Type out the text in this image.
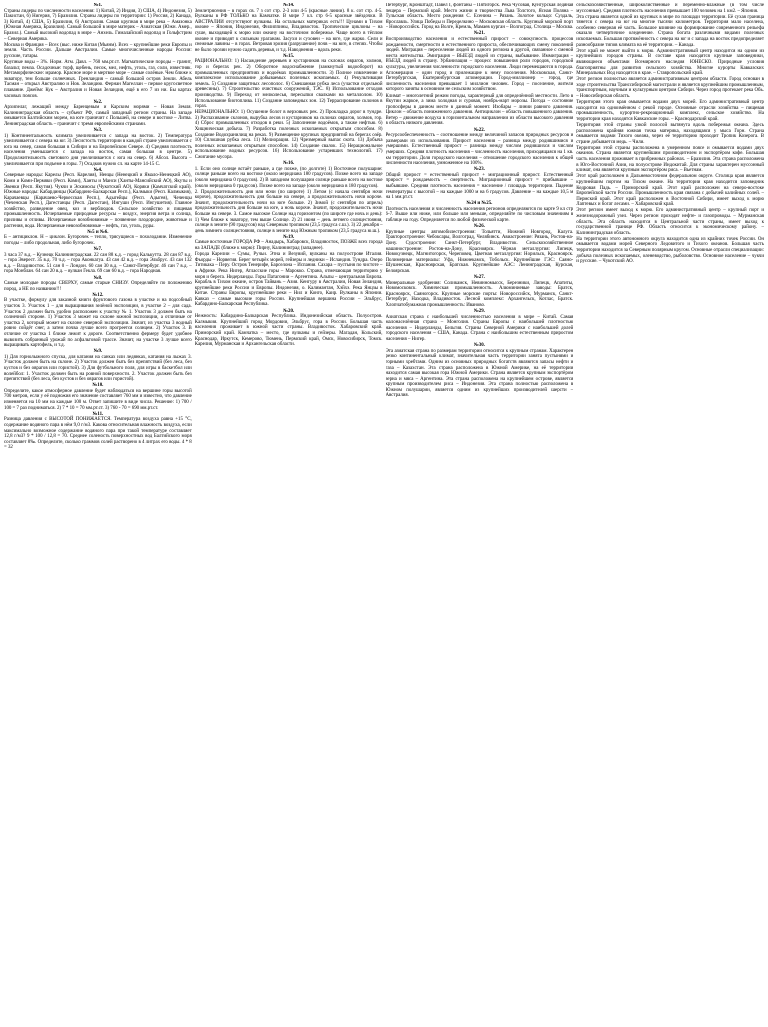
№1.
Страны лидеры по численности населения: 1) Китай, 2) Индия, 3) США, 4) Индонезия, 5) Пакистан, 6) Нигерия, 7) Бразилия. Страны лидеры по территории: 1) Россия, 2) Канада, 3) Китай, 4) США, 5) Бразилия, 6) Австралия. Самая крупная в мире река – Амазонка (Южная Америка, Бразилия). Самый большой в мире материк – Азиатская (Южн. Амер., Бразил.). Самый высокий водопад в мире – Анхель. Гималайский водопад и Гольфстрим – Северная Америка.
Москва и Франция – Всех (выс. ниже Китая (Мьянм). Всех – крупнейшие реки Европы и земли. Часть России. Дальше Австралии. Самые многочисленные народы России: русские, татары.
Крупные воды – 3%. Норм. Атм. Давл. – 760 мм.рт.ст. Магматические породы – гранит, базальт, пемза. Осадочные: торф, щебень, песок, мел, нефть, уголь, газ, соли, известняк. Метаморфические: мрамор. Красное море и мертвое море – самые солёные. Чем ближе к экватору, тем больше солнечных. Гренландия – самый большой остров Земли. Абель Тасман – открыл Австралию и Нов. Зеландию. Фернан Магеллан – первое кругосветное плавание. Джеймс Кук – Австралия и Новая Зеландия, ещё в его 7 из ни. Бы картах часовых поясов.
№2.
Архипелаг, лежащий между Баренцевым и Карским морями – Новая Земля. Калининградская область – субъект РФ, самый западный регион страны. На западе омывается Балтийским морем, на юге граничит с Польшей, на севере и востоке – Литва. Ленинградская область – граничит с тремя европейскими странами.
№3.
1) Континентальность климата увеличивается с запада на восток. 2) Температура увеличивается с севера на юг. 3) Лесистость территории в каждой стране увеличивается с юга на север, самая большая в Сибири и на Европейском Севере. 4) Средняя плотность населения уменьшается с запада на восток, самая большая в центре. 5) Продолжительность светового дня увеличивается с юга на север. 6) Абсол. Высота – увеличивается при подъеме в горы. 7) Осадков нужно сл. на карте 14-15 С.
№4.
Северные народы: Карелы (Респ. Карелия), Ненцы (Ненецкий и Ямало-Ненецкий АО), Коми и Коми-Пермяки (Респ. Коми), Ханты и Манси (Ханты-Мансийский АО), Якуты и Эвенки (Респ. Якутия). Чукчи и Эскимосы (Чукотский АО), Коряки (Камчатский край). Южные народы: Кабардинцы (Кабардино-Балкарская Респ.), Калмыки (Респ. Калмыкия), Карачаевцы (Карачаево-Черкесская Респ.), Адыгейцы (Респ. Адыгея), Чеченцы (Чеченская Респ.), Дагестанцы (Респ. Дагестан), Ингуши (Респ. Ингушетия). Главное хозяйство, разведение овец, коз и верблюдов. Сельское хозяйство и пищевая промышленность. Исчерпаемые природные ресурсы – воздух, энергия ветра и солнца, приливы и отливы. Исчерпаемые возобновимые – почвенное плодородие, животные и растения, вода. Исчерпаемые невозобновимые – нефть, газ, уголь, руды.
№5 и №6.
Б – антициклон. Н – циклон. Бугорочек – тепло, трясущиеся – похолодание. Изменение погоды – либо продольная, либо бугорочек.
№7.
3 часа 37 в.д. – Кузнецк Калининградская. 22 сан 88 к.д. – город Калькутта. 28 сан 87 в.д. – гора Эверест. 35 в.д. 70 ч.д. – гора Аконкагуа. 43 сан 42 в.д. – гора Эльбрус. 43 сан 132 в.д. – Владивосток. 51 сан 0 – Лондон. 60 сан 30 в.д. – Санкт-Петербург. 46 сан 7 в.д. – гора Монблан. 64 сан 20 в.д. – вулкан Гекла. 69 сан 60 в.д. – гора Народная.
№8.
Самые молодые породы СВЕРХУ, самые старые СНИЗУ. Определяйте по положению пород, а НЕ по названию!!!
№12.
В участке, формулу для заказной книги фруктового газона в участке и на подсобный участок 3. Участок 1 – для выращивания зелёной экспозиции, в участке 2 – для сада. Участок 2 должен быть удобно расположен к участку № 1. Участок 3 должен быть на солнечной стороне. 1) Участок 3 может на склоне южной экспозиции, а отличные от участка 2, который может на склоне северной экспозиции. Значит, из участка 3 водный ровно сойдёт снег, а затем почва лучше всего прогреется солнцем. 2) Участок 3. В отличие от участка 1 ближе лежит к дороге. Соответственно фермеру будет удобнее вывозить собранный урожай по асфальтовой трассе. Значит, на участке 3 лучше всего выращивать картофель, и т.д.
№9.
1) Для горнолыжного спуска, для катания на санках или ледянках, катания на лыжах 3. Участок должен быть на склоне. 2) Участок должен быть без препятствий (без леса, без кустов и без оврагов или гористой). 3) Для футбольного поля, для игры в баскетбол или волейбол: 1. Участок должен быть на ровной поверхности. 2. Участок должен быть без препятствий (без леса, без кустов и без оврагов или гористой).
№10.
Определите, какое атмосферное давление будет наблюдаться на вершине горы высотой 700 метров, если у её подножия его значение составляет 760 мм и известно, что давление изменяется на 10 мм на каждые 100 м. Ответ запишите в виде числа. Решение: 1) 700 / 100 = 7 раз подниматься. 2) 7 * 10 = 70 мм.рт.ст. 3) 760 - 70 = 690 мм.рт.ст.
№11.
Разница давления с ВЫСОТОЙ ПОНИЖАЕТСЯ. Температура воздуха равна +15 °С, содержание водяного пара в нём 9,0 г/м3. Какова относительная влажность воздуха, если максимально возможное содержание водяного пара при такой температуре составляет 12,8 г/м3? 9 * 100 / 12,8 = 70. Среднее соленость поверхностных вод Балтийского моря составляет 8‰. Определите, сколько граммов солей растворено в 4 литрах его воды. 4 * 8 = 32
№14.
Землетрясения – в горах св. 7 з сот стр. 2-3 или 4-5 (красные линии). 8 к. сот стр. 4-5. Вулканы в РФ ТОЛЬКО на Камчатке. В мире 7 кл. стр 6-5 красные звёздочки. В АВСТРАЛИИ отсутствуют вулканы. На остальных материках есть!!! Цунами в Тихом океане – Япония, Индонезия, Филиппины, Владивосток. Тропические циклоны – на суше, выходящей к морю или океану на восточном побережье. Чаще всего в тёплом океане и приводят к сильным ураганам. Засухи и суховеи – на юге, где жарко. Сели и снежные лавины – в горах. Ветровая эрозия (разрушение) почв – на юге, в степях. Чтобы не было эрозии нужно садить деревья, и т.д. Наводнения – вдоль реки.
№15.
РАЦИОНАЛЬНО: 1) Насаждение деревьев и кустарников на склонах оврагов, холмов, гор и берегах рек. 2) Оборотное водоснабжение (замкнутый водооборот) на промышленных предприятиях и водоёмах промышленности. 3) Полное извлечение и комплексное использование добываемых полезных ископаемых. 4) Рекультивация земель. 5) Создание защитных лесополос. 6) Смешанная рубка леса (участки отдельной древесины). 7) Строительство очистных сооружений, ТЭС. 8) Использование отходов производства. 9) Переход от мелколесья, пересыпки свалками на металлолом. 10) Использование биотоплива. 11) Создание заповедных зон. 12) Террасирование склонов в горах.
НЕРАЦИОНАЛЬНО: 1) Осушение болот в верховьях рек. 2) Прокладка дорог в тундре. 3) Распахивание склонов, вырубка лесов и кустарников на склонах оврагов, холмов, гор. 4) Сброс промышленных отходов в реки. 5) Заполнение водоёмов, а также нефтью. 6) Хищническая добыча. 7) Разработка полезных ископаемых открытым способом. 8) Создание Водохранилищ на реках. 9) Размещение крупных предприятий на берегах озёр. 10) Сплошная рубка леса. 11) Мелиорация. 12) Чрезмерный выпас скота. 13) Добыча полезных ископаемых открытым способом. 14) Создание свалок. 15) Нерациональное использование водных ресурсов. 16) Использование устаревших технологий. 17) Сжигание мусора.
№16.
1. Если оно солнце встаёт раньше, а где позже, (по долготе) 1) Восточное полушарие: солнце раньше всего на востоке (около меридиана 180 градусов). Позже всего на западе (около меридиана 0 градусов). 2) В западном полушарии солнце раньше всего на востоке (около меридиана 0 градусов). Позже всего на западе (около меридиана в 180 градусов).
2. Продолжительность дня или ночи (по широте) 1) Летом (с начала сентября ночи короче), продолжительность дня больше на севере, а продолжительность ночи короче. Значит, продолжительность ночи на юге больше. 2) Зимой (с сентября по апрель) продолжительность дня больше на юге, а ночь короче. Значит, продолжительность ночи больше на севере. 3. Самое высокое Солнце над горизонтом (по широте где ночь и день): 1) Чем ближе к экватору, тем выше Солнце. 2) 21 июня – день летнего солнцестояния, солнце в зените (90 градусов) над Северным тропиком (23,5 градуса с.ш.). 3) 22 декабря – день зимнего солнцестояния, солнце в зените над Южным тропиком (23,5 градуса ю.ш.).
№19.
Самые восточные ГОРОДА РФ – Анадырь, Хабаровск, Владивосток, ПОЗЖЕ всех города на ЗАПАДЕ (ближе к морю): Пирну, Калининград (западнее).
Города Карелии – Сумы, Ручьи. Этна и Везувий, вулканы на полуострове Италия. Фьорды – Норвегия. Берег четырёх морей, гейзеры и ледники – Исландия. Тундра. Озеро Титикака – Перу. Остров Тенерифе, Барселона – Испания. Сахара – пустыня по чистоте – в Африке. Река Нигер, Атласские горы – Марокко. Страна, отмечающая территорию у моря и берега. Нидерланды. Горы Патагонии – Аргентина. Альпы – центральная Европа. Корабль в Тихом океане, остров Тайвань – Азия. Кенгуру в Австралии, Новая Зеландия, крупнейшие реки России и Европы. Индонезия, о. Калимантан, Хэйхэ. Река Янцзы в Китае. Страны Европы, крупнейшие реки – Нил и Конго, Каир. Вулканы в Японии. Кавказ – самые высокие горы России. Крупнейшая вершина России – Эльбрус, Кабардино-Балкарская Республика.
№20.
Нежность: Кабардино-Балкарская Республика. Индонезийская область. Полуостров. Калмыкия. Крупнейший город Мордовии, Эльбрус, гора в России. Большая часть населения проживает в южной части страны. Владивосток. Хабаровский край. Приморский край. Камчатка – место, где вулканы и гейзеры. Магадан, Кольский, Краснодар, Иркутск, Кемерово, Тюмень, Пермский край, Омск, Новосибирск, Томск. Карелия, Мурманская и Архангельская области.
Петербург, Кронштадт, Павел I, фонтаны – Пятигорск. Река Чусовая, Кунгурская ледяная пещера – Пермский край. Место жизни и творчества Льва Толстого, Ясная Поляна – Тульская область. Место рождения С. Есенина – Рязань. Золотое кольцо: Суздаль, Ярославль. Улица Победы и Переделкино – Московская область. Крупный морской порт – Новороссийск. Город на Волге, Кремль, Мамаев курган – Волгоград. Столица – Москва.
№21.
Воспроизводство населения и естественный прирост – совокупность процессов рождаемости, смертности и естественного прироста, обеспечивающих смену поколений людей. Миграция – переселение людей из одного региона в другой, связанное с сменой места жительства. Эмиграция – ВЫЕЗД людей из страны, выбывание. Иммиграция – ВЪЕЗД людей в страну. Урбанизация – процесс повышения роли городов, городской культуры, увеличения численности городского населения. Люди перемещаются в города. Агломерация – один город и прилежащие к нему поселения. Московская, Санкт-Петербургская, Екатеринбургская агломерации. Город-миллионер – город, где численность населения превышает 1 миллион человек. Город – поселение, жители которого заняты в основном не сельским хозяйством.
Климат – многолетний режим погоды, характерный для определённой местности. Лето в Якутии жаркое, а зима холодная и суровая, ноябрь-март морозы. Погода – состояние тропосферы в данном месте в данный момент. Изобары – линии равного давления. Циклон – область пониженного давления. Антициклон – область повышенного давления. Ветер – движение воздуха в горизонтальном направлении из области высокого давления в область низкого давления.
№22.
Ресурсообеспеченность – соотношение между величиной запасов природных ресурсов и размерами их использования. Прирост населения – разница между родившимися и умершими. Естественный прирост – разница между числом родившихся и числом умерших. Средняя плотность населения – численность населения, приходящаяся на 1 кв. км территории. Доля городского населения – отношение городского населения к общей численности населения, умноженное на 100%.
№23.
Общий прирост = естественный прирост + миграционный прирост. Естественный прирост = рождаемость – смертность. Миграционный прирост = прибывшие – выбывшие. Средняя плотность населения = население / площадь территории. Падение температуры с высотой – на каждые 1000 м на 6 градусов. Давление – на каждые 10,5 м на 1 мм.рт.ст.
№24 и №25.
Плотность населения и численность населения регионов определяются по карте 9 кл стр 6-7. Выше или ниже, или больше или меньше, определяйте по числовым значениям в таблице на году. Определяется по любой физической карте.
№26.
Крупные центры автомобилестроения: Тольятти, Нижний Новгород, Калуга. Тракторостроение: Чебоксары, Волгоград, Челябинск. Авиастроение: Рязань, Ростов-на-Дону. Судостроение: Санкт-Петербург, Владивосток. Сельскохозяйственное машиностроение: Ростов-на-Дону, Красноярск. Чёрная металлургия: Липецк, Новокузнецк, Магнитогорск, Череповец. Цветная металлургия: Норильск, Красноярск. Полимерные материалы: Уфа, Нижнекамск, Тобольск. Крупнейшие ГЭС: Саяно-Шушенская, Красноярская, Братская. Крупнейшие АЭС: Ленинградская, Курская, Белоярская.
№27.
Минеральные удобрения: Соликамск, Невинномысск, Березники, Липецк, Апатиты, Новомосковск. Химическая промышленность. Алюминиевые заводы: Братск, Красноярск, Саяногорск. Крупные морские порты: Новороссийск, Мурманск, Санкт-Петербург, Находка, Владивосток. Лесной комплекс: Архангельск, Котлас, Братск. Хлопчатобумажная промышленность: Иваново.
№29.
Азиатская страна с наибольшей численностью населения в мире – Китай. Самая малонаселённая страна – Монголия. Страны Европы с наибольшей плотностью населения – Нидерланды, Бельгия. Страны Северной Америки с наибольшей долей городского населения – США, Канада. Страна с наибольшим естественным приростом населения – Нигер.
№30.
Эта азиатская страна по размерам территории относится к крупным странам. Характерен резко континентальный климат, значительная часть территории занята пустынями и горными хребтами. Одним из основных природных богатств являются запасы нефти и газа – Казахстан. Эта страна расположена в Южной Америке, на её территории находится самая высокая гора Южной Америки. Страна является крупным экспортёром зерна и мяса – Аргентина. Эта страна расположена на крупнейшем острове, является крупным производителем риса – Индонезия. Эта страна полностью расположена в Южном полушарии, является одним из крупнейших производителей шерсти – Австралия.
сельскохозяйственные, широколиственные и переменно-влажные (в том числе муссонные). Средняя плотность населения превышает 100 человек на 1 км2. – Япония.
Эта страна является одной из крупных в мире по площади территории. Её сухая граница тянется с севера на юг на многие тысячи километров. Территория мало населена, особенно северная её часть. Большое влияние на формирование современного рельефа оказало четвертичное оледенение. Страна богата различными видами полезных ископаемых. Большая протяжённость с севера на юг и с запада на восток предопределяет разнообразие типов климата на её территории. – Канада.
Этот край не может выйти к морю. Административный центр находится на одном из крупнейших городов страны. В составе края находятся крупные заповедники, являющиеся объектами Всемирного наследия ЮНЕСКО. Природные условия благоприятны для развития сельского хозяйства. Многие курорты Кавказских Минеральных Вод находятся в крае. – Ставропольский край.
Этот регион полностью является административным центром области. Город основан в ходе строительства Транссибирской магистрали и является крупнейшим промышленным, транспортным, научным и культурным центром Сибири. Через город протекает река Обь. – Новосибирская область.
Территория этого края омывается водами двух морей. Его административный центр находится на одноимённом с рекой городе. Основные отрасли хозяйства – пищевая промышленность, курортно-рекреационный комплекс, сельское хозяйство. На территории края находятся Кавказские горы. – Краснодарский край.
Территория этой страны узкой полосой вытянута вдоль побережья океана. Здесь расположена крайняя южная точка материка, находящаяся у мыса Горн. Страна омывается водами Тихого океана, через её территорию проходит Тропик Козерога. В стране добывается медь. – Чили.
Территория этой страны расположена в умеренном поясе и омывается водами двух океанов. Страна является крупнейшим производителем и экспортёром кофе. Большая часть населения проживает в прибрежных районах. – Бразилия. Эта страна расположена в Юго-Восточной Азии, на полуострове Индокитай. Для страны характерен муссонный климат, она является крупным экспортёром риса. – Вьетнам.
Этот край расположен в Дальневосточном федеральном округе. Столица края является крупнейшим портом на Тихом океане. На территории края находится заповедник Кедровая Падь. – Приморский край. Этот край расположен на северо-востоке Европейской части России. Промышленность края связана с добычей калийных солей. – Пермский край. Этот край расположен в Восточной Сибири, имеет выход к морю Лаптевых и богат лесами. – Хабаровский край.
Этот регион имеет выход к морю. Его административный центр – крупный порт и железнодорожный узел. Через регион проходят нефте- и газопроводы. – Мурманская область. Эта область находится в Центральной части страны, имеет выход к государственной границе РФ. Область относится к экономическому району. – Калининградская область.
На территории этого автономного округа находится одна из крайних точек России. Он омывается водами морей Северного Ледовитого и Тихого океанов. Большая часть территории находится за Северным полярным кругом. Основные отрасли специализации: добыча полезных ископаемых, оленеводство, рыболовство. Основное население – чукчи и русские. – Чукотский АО.
